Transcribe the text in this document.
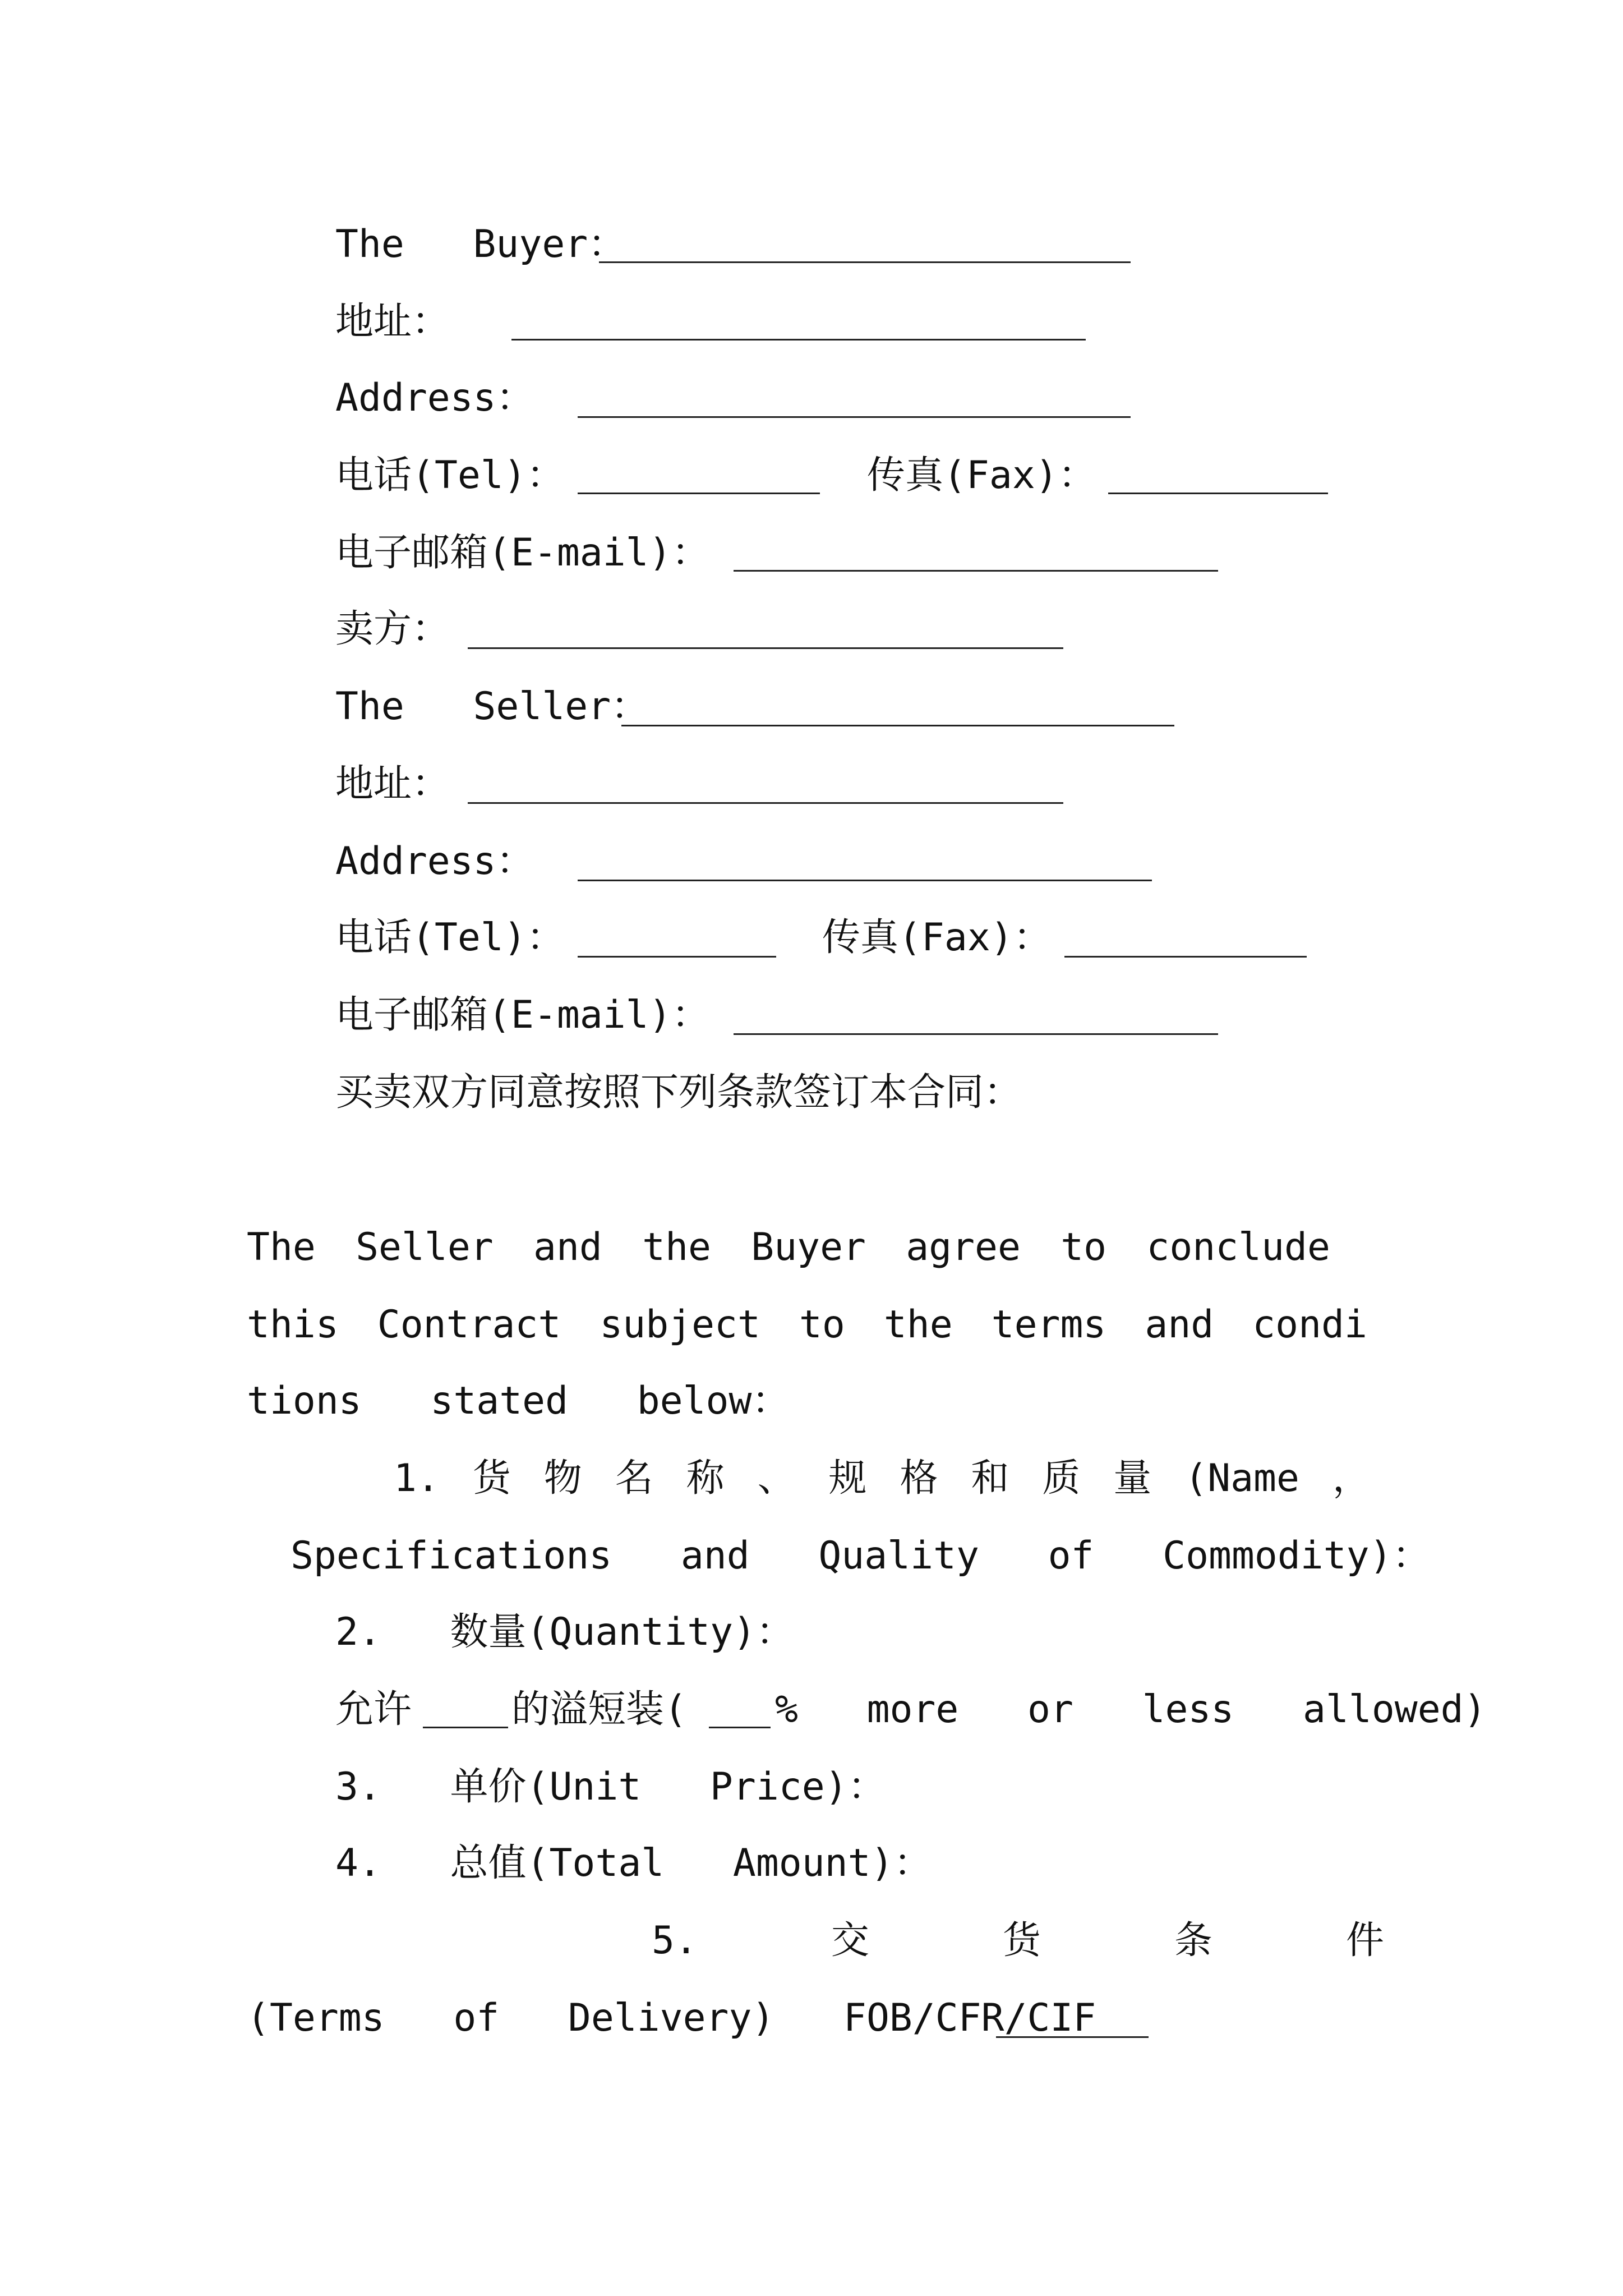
The  Buyer：
地址：
Address：
电话(Tel)：	传真(Fax)：
电子邮箱(E-mail)：
卖方：
The  Seller：
地址：
Address：
电话(Tel)：	传真(Fax)：
电子邮箱(E-mail)：
买卖双方同意按照下列条款签订本合同：
The Seller and the Buyer agree to conclude
this Contract subject to the terms and condi
tions  stated  below：
1. 货 物 名 称 、 规 格 和 质 量 (Name ，
Specifications  and  Quality  of  Commodity)：
2.  数量(Quantity)：
允许	的溢短装( %  more  or  less  allowed)
3.  单价(Unit  Price)：
4.  总值(Total  Amount)：
5.	交	货	条	件
(Terms  of  Delivery)  FOB/CFR/CIF
